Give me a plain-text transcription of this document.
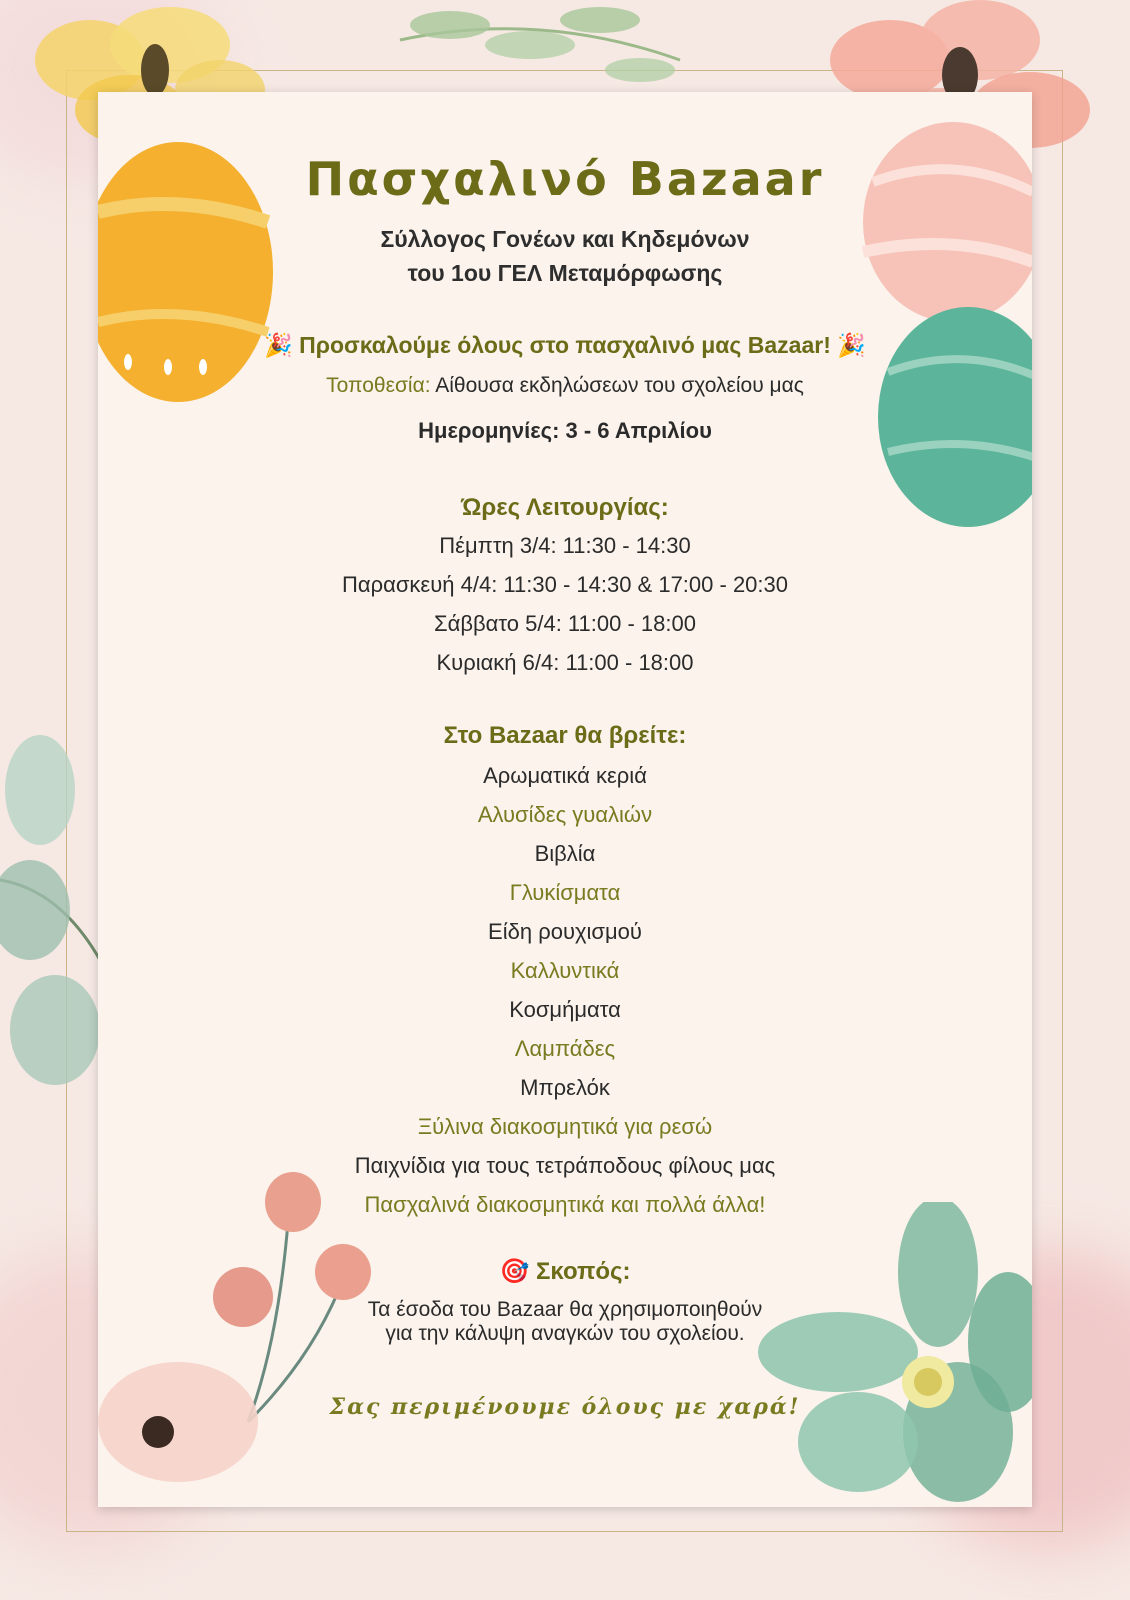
Πασχαλινό Bazaar
Σύλλογος Γονέων και Κηδεμόνων
του 1ου ΓΕΛ Μεταμόρφωσης
🎉 Προσκαλούμε όλους στο πασχαλινό μας Bazaar! 🎉
Τοποθεσία: Αίθουσα εκδηλώσεων του σχολείου μας
Ημερομηνίες: 3 - 6 Απριλίου
Ώρες Λειτουργίας:
Πέμπτη 3/4: 11:30 - 14:30
Παρασκευή 4/4: 11:30 - 14:30 & 17:00 - 20:30
Σάββατο 5/4: 11:00 - 18:00
Κυριακή 6/4: 11:00 - 18:00
Στο Bazaar θα βρείτε:
Αρωματικά κεριά
Αλυσίδες γυαλιών
Βιβλία
Γλυκίσματα
Είδη ρουχισμού
Καλλυντικά
Κοσμήματα
Λαμπάδες
Μπρελόκ
Ξύλινα διακοσμητικά για ρεσώ
Παιχνίδια για τους τετράποδους φίλους μας
Πασχαλινά διακοσμητικά και πολλά άλλα!
🎯 Σκοπός:
Τα έσοδα του Bazaar θα χρησιμοποιηθούν
για την κάλυψη αναγκών του σχολείου.
Σας περιμένουμε όλους με χαρά!
